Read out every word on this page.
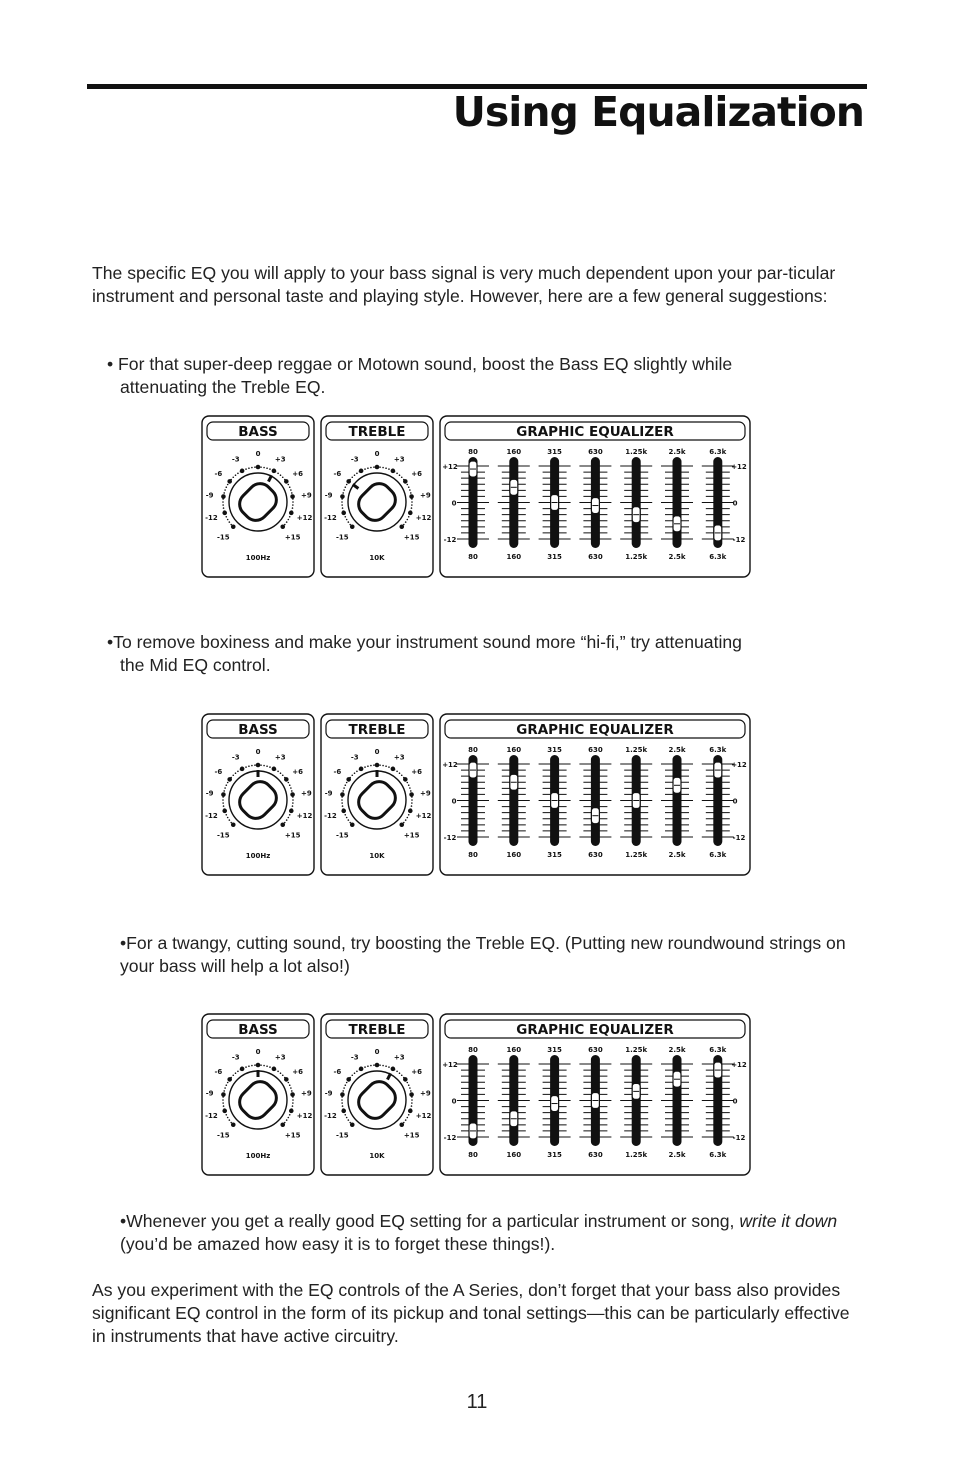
Using Equalization

The specific EQ you will apply to your bass signal is very much dependent upon your par-ticular instrument and personal taste and playing style. However, here are a few general suggestions:

• For that super-deep reggae or Motown sound, boost the Bass EQ slightly while
attenuating the Treble EQ.

BASS
-15
-12
-9
-6
-3
0
+3
+6
+9
+12
+15
100Hz
TREBLE
-15
-12
-9
-6
-3
0
+3
+6
+9
+12
+15
10K
GRAPHIC EQUALIZER
+12
0
-12
+12
0
-12
80
80
160
160
315
315
630
630
1.25k
1.25k
2.5k
2.5k
6.3k
6.3k

•To remove boxiness and make your instrument sound more “hi-fi,” try attenuating
the Mid EQ control.

BASS
-15
-12
-9
-6
-3
0
+3
+6
+9
+12
+15
100Hz
TREBLE
-15
-12
-9
-6
-3
0
+3
+6
+9
+12
+15
10K
GRAPHIC EQUALIZER
+12
0
-12
+12
0
-12
80
80
160
160
315
315
630
630
1.25k
1.25k
2.5k
2.5k
6.3k
6.3k

•For a twangy, cutting sound, try boosting the Treble EQ. (Putting new roundwound strings on your bass will help a lot also!)

BASS
-15
-12
-9
-6
-3
0
+3
+6
+9
+12
+15
100Hz
TREBLE
-15
-12
-9
-6
-3
0
+3
+6
+9
+12
+15
10K
GRAPHIC EQUALIZER
+12
0
-12
+12
0
-12
80
80
160
160
315
315
630
630
1.25k
1.25k
2.5k
2.5k
6.3k
6.3k

•Whenever you get a really good EQ setting for a particular instrument or song, write it down (you’d be amazed how easy it is to forget these things!).

As you experiment with the EQ controls of the A Series, don’t forget that your bass also provides significant EQ control in the form of its pickup and tonal settings—this can be particularly effective in instruments that have active circuitry.

11
